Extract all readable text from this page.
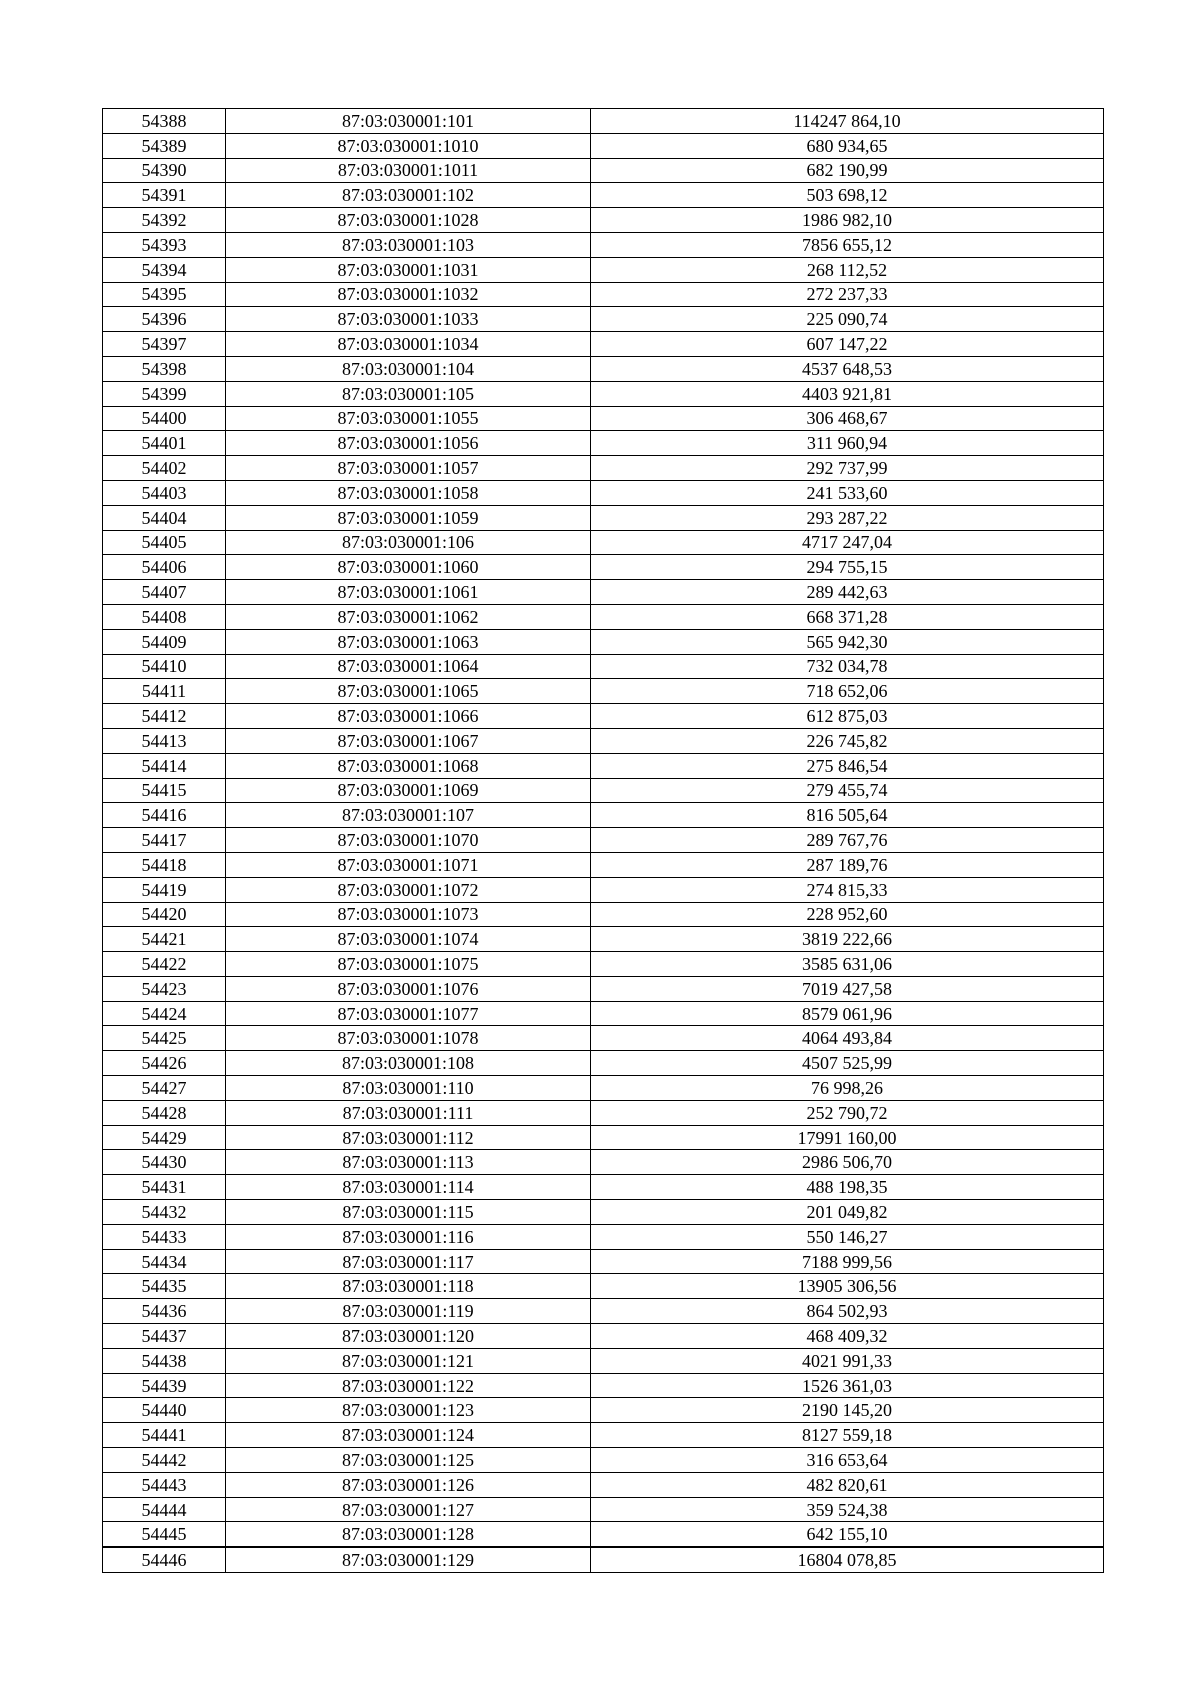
54388	87:03:030001:101	114247 864,10
54389	87:03:030001:1010	680 934,65
54390	87:03:030001:1011	682 190,99
54391	87:03:030001:102	503 698,12
54392	87:03:030001:1028	1986 982,10
54393	87:03:030001:103	7856 655,12
54394	87:03:030001:1031	268 112,52
54395	87:03:030001:1032	272 237,33
54396	87:03:030001:1033	225 090,74
54397	87:03:030001:1034	607 147,22
54398	87:03:030001:104	4537 648,53
54399	87:03:030001:105	4403 921,81
54400	87:03:030001:1055	306 468,67
54401	87:03:030001:1056	311 960,94
54402	87:03:030001:1057	292 737,99
54403	87:03:030001:1058	241 533,60
54404	87:03:030001:1059	293 287,22
54405	87:03:030001:106	4717 247,04
54406	87:03:030001:1060	294 755,15
54407	87:03:030001:1061	289 442,63
54408	87:03:030001:1062	668 371,28
54409	87:03:030001:1063	565 942,30
54410	87:03:030001:1064	732 034,78
54411	87:03:030001:1065	718 652,06
54412	87:03:030001:1066	612 875,03
54413	87:03:030001:1067	226 745,82
54414	87:03:030001:1068	275 846,54
54415	87:03:030001:1069	279 455,74
54416	87:03:030001:107	816 505,64
54417	87:03:030001:1070	289 767,76
54418	87:03:030001:1071	287 189,76
54419	87:03:030001:1072	274 815,33
54420	87:03:030001:1073	228 952,60
54421	87:03:030001:1074	3819 222,66
54422	87:03:030001:1075	3585 631,06
54423	87:03:030001:1076	7019 427,58
54424	87:03:030001:1077	8579 061,96
54425	87:03:030001:1078	4064 493,84
54426	87:03:030001:108	4507 525,99
54427	87:03:030001:110	76 998,26
54428	87:03:030001:111	252 790,72
54429	87:03:030001:112	17991 160,00
54430	87:03:030001:113	2986 506,70
54431	87:03:030001:114	488 198,35
54432	87:03:030001:115	201 049,82
54433	87:03:030001:116	550 146,27
54434	87:03:030001:117	7188 999,56
54435	87:03:030001:118	13905 306,56
54436	87:03:030001:119	864 502,93
54437	87:03:030001:120	468 409,32
54438	87:03:030001:121	4021 991,33
54439	87:03:030001:122	1526 361,03
54440	87:03:030001:123	2190 145,20
54441	87:03:030001:124	8127 559,18
54442	87:03:030001:125	316 653,64
54443	87:03:030001:126	482 820,61
54444	87:03:030001:127	359 524,38
54445	87:03:030001:128	642 155,10
54446	87:03:030001:129	16804 078,85
